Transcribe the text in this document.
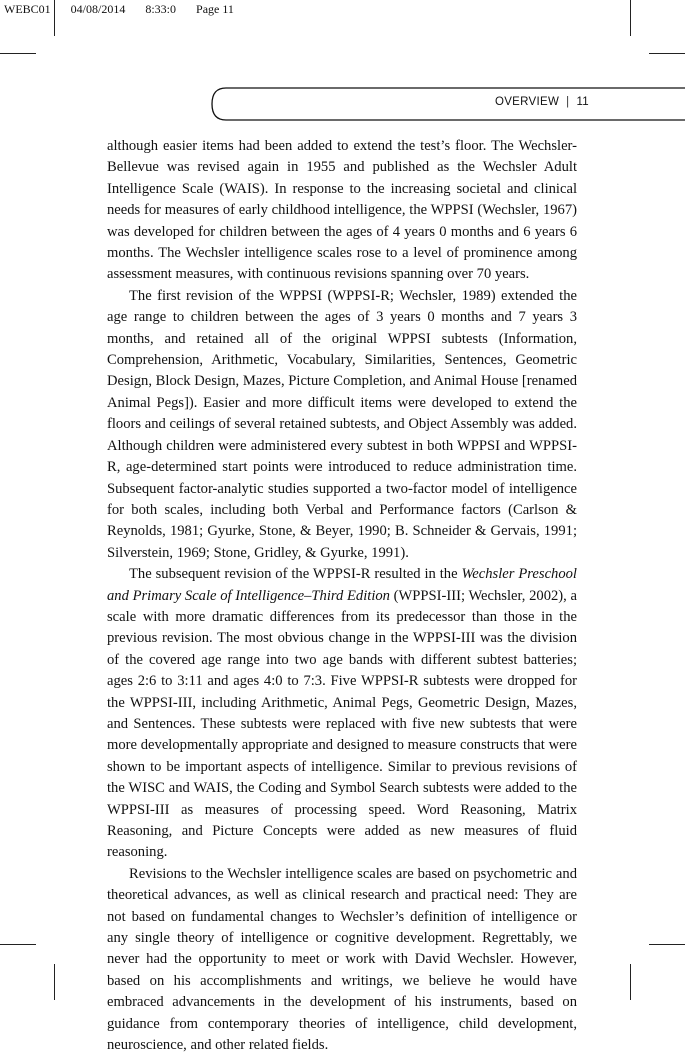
WEBC01 04/08/2014 8:33:0 Page 11
OVERVIEW | 11

although easier items had been added to extend the test’s floor. The Wechsler-Bellevue was revised again in 1955 and published as the Wechsler Adult Intelligence Scale (WAIS). In response to the increasing societal and clinical needs for measures of early childhood intelligence, the WPPSI (Wechsler, 1967) was developed for children between the ages of 4 years 0 months and 6 years 6 months. The Wechsler intelligence scales rose to a level of prominence among assessment measures, with continuous revisions spanning over 70 years.

The first revision of the WPPSI (WPPSI-R; Wechsler, 1989) extended the age range to children between the ages of 3 years 0 months and 7 years 3 months, and retained all of the original WPPSI subtests (Information, Comprehension, Arithmetic, Vocabulary, Similarities, Sentences, Geometric Design, Block Design, Mazes, Picture Completion, and Animal House [renamed Animal Pegs]). Easier and more difficult items were developed to extend the floors and ceilings of several retained subtests, and Object Assembly was added. Although children were administered every subtest in both WPPSI and WPPSI-R, age-determined start points were introduced to reduce administration time. Subsequent factor-analytic studies supported a two-factor model of intelligence for both scales, including both Verbal and Performance factors (Carlson & Reynolds, 1981; Gyurke, Stone, & Beyer, 1990; B. Schneider & Gervais, 1991; Silverstein, 1969; Stone, Gridley, & Gyurke, 1991).

The subsequent revision of the WPPSI-R resulted in the Wechsler Preschool and Primary Scale of Intelligence–Third Edition (WPPSI-III; Wechsler, 2002), a scale with more dramatic differences from its predecessor than those in the previous revision. The most obvious change in the WPPSI-III was the division of the covered age range into two age bands with different subtest batteries; ages 2:6 to 3:11 and ages 4:0 to 7:3. Five WPPSI-R subtests were dropped for the WPPSI-III, including Arithmetic, Animal Pegs, Geometric Design, Mazes, and Sentences. These subtests were replaced with five new subtests that were more developmentally appropriate and designed to measure constructs that were shown to be important aspects of intelligence. Similar to previous revisions of the WISC and WAIS, the Coding and Symbol Search subtests were added to the WPPSI-III as measures of processing speed. Word Reasoning, Matrix Reasoning, and Picture Concepts were added as new measures of fluid reasoning.

Revisions to the Wechsler intelligence scales are based on psychometric and theoretical advances, as well as clinical research and practical need: They are not based on fundamental changes to Wechsler’s definition of intelligence or any single theory of intelligence or cognitive development. Regrettably, we never had the opportunity to meet or work with David Wechsler. However, based on his accomplishments and writings, we believe he would have embraced advancements in the development of his instruments, based on guidance from contemporary theories of intelligence, child development, neuroscience, and other related fields.
